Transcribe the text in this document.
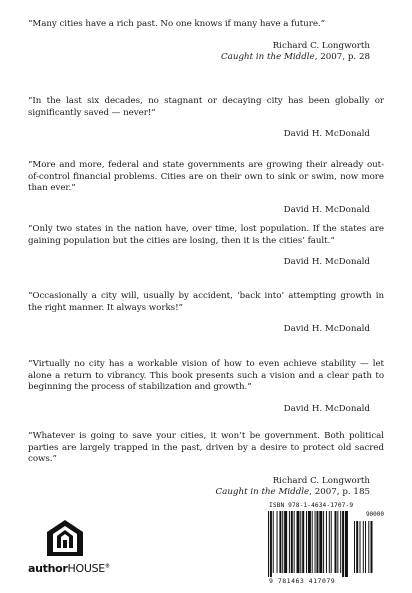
“Many cities have a rich past. No one knows if many have a future.”

Richard C. Longworth
Caught in the Middle, 2007, p. 28

“In the last six decades, no stagnant or decaying city has been globally or significantly saved — never!”

David H. McDonald

“More and more, federal and state governments are growing their already out-of-control financial problems. Cities are on their own to sink or swim, now more than ever.”

David H. McDonald

“Only two states in the nation have, over time, lost population. If the states are gaining population but the cities are losing, then it is the cities’ fault.”

David H. McDonald

“Occasionally a city will, usually by accident, ‘back into’ attempting growth in the right manner. It always works!”

David H. McDonald

“Virtually no city has a workable vision of how to even achieve stability — let alone a return to vibrancy. This book presents such a vision and a clear path to beginning the process of stabilization and growth.”

David H. McDonald

“Whatever is going to save your cities, it won’t be government. Both political parties are largely trapped in the past, driven by a desire to protect old sacred cows.”

Richard C. Longworth
Caught in the Middle, 2007, p. 185

authorHOUSE®
ISBN 978-1-4634-1707-9
90000
9 781463 417079
